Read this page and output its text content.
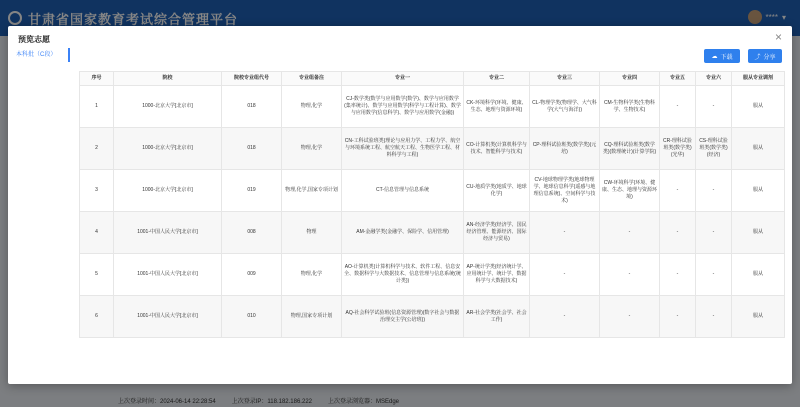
甘肃省国家教育考试综合管理平台	**** ▾
上次登录时间：2024-06-14 22:28:54	上次登录IP：118.182.186.222	上次登录浏览器：MSEdge
预览志愿	×
本科批（C段）	☁ 下载	⤴ 分享
序号	院校	院校专业组代号	专业组备注	专业一	专业二	专业三	专业四	专业五	专业六	服从专业调剂
1	1000-北京大学[北京市]	018	物理,化学	CJ-数学类(数学与应用数学(数学)、数学与应用数学(集率统计)、数学与应用数学(科学与工程计算)、数学与应用数学(信息科学)、数学与应用数学(金融))	CK-环境科学(环境、健康、生态、地理与资源环境)	CL-物理学类(物理学、大气科学(大气与海洋))	CM-生物科学类(生物科学、生物技术)	-	-	服从
2	1000-北京大学[北京市]	018	物理,化学	CN-工科试验班类(理论与应用力学、工程力学、航空与环境系统工程、航空航天工程、生物医学工程、材料科学与工程)	CO-计算机类(计算机科学与技术、智能科学与技术)	CP-理科试验班类(数学类)(元培)	CQ-理科试验班类(数学类)(数理统计)(计算学院)	CR-理科试验班类(数学类)(光华)	CS-理科试验班类(数学类)(经济)	服从
3	1000-北京大学[北京市]	019	物理,化学,国家专项计划	CT-信息管理与信息系统	CU-地质学类(地质学、地球化学)	CV-地球物理学类(地球物理学、地球信息科学(遥感与地理信息系统)、空间科学与技术)	CW-环境科学(环境、健康、生态、地理与资源环境)	-	-	服从
4	1001-中国人民大学[北京市]	008	物理	AM-金融学类(金融学、保险学、信用管理)	AN-经济学类(经济学、国民经济管理、能源经济、国际经济与贸易)	-	-	-	-	服从
5	1001-中国人民大学[北京市]	009	物理,化学	AO-计算机类(计算机科学与技术、软件工程、信息安全、数据科学与大数据技术、信息管理与信息系统(统计类))	AP-统计学类(经济统计学、应用统计学、统计学、数据科学与大数据技术)	-	-	-	-	服从
6	1001-中国人民大学[北京市]	010	物理,国家专项计划	AQ-社会科学试验班(信息资源管理)(数字社会与数据治理交主学(公培班))	AR-社会学类(社会学、社会工作)	-	-	-	-	服从
